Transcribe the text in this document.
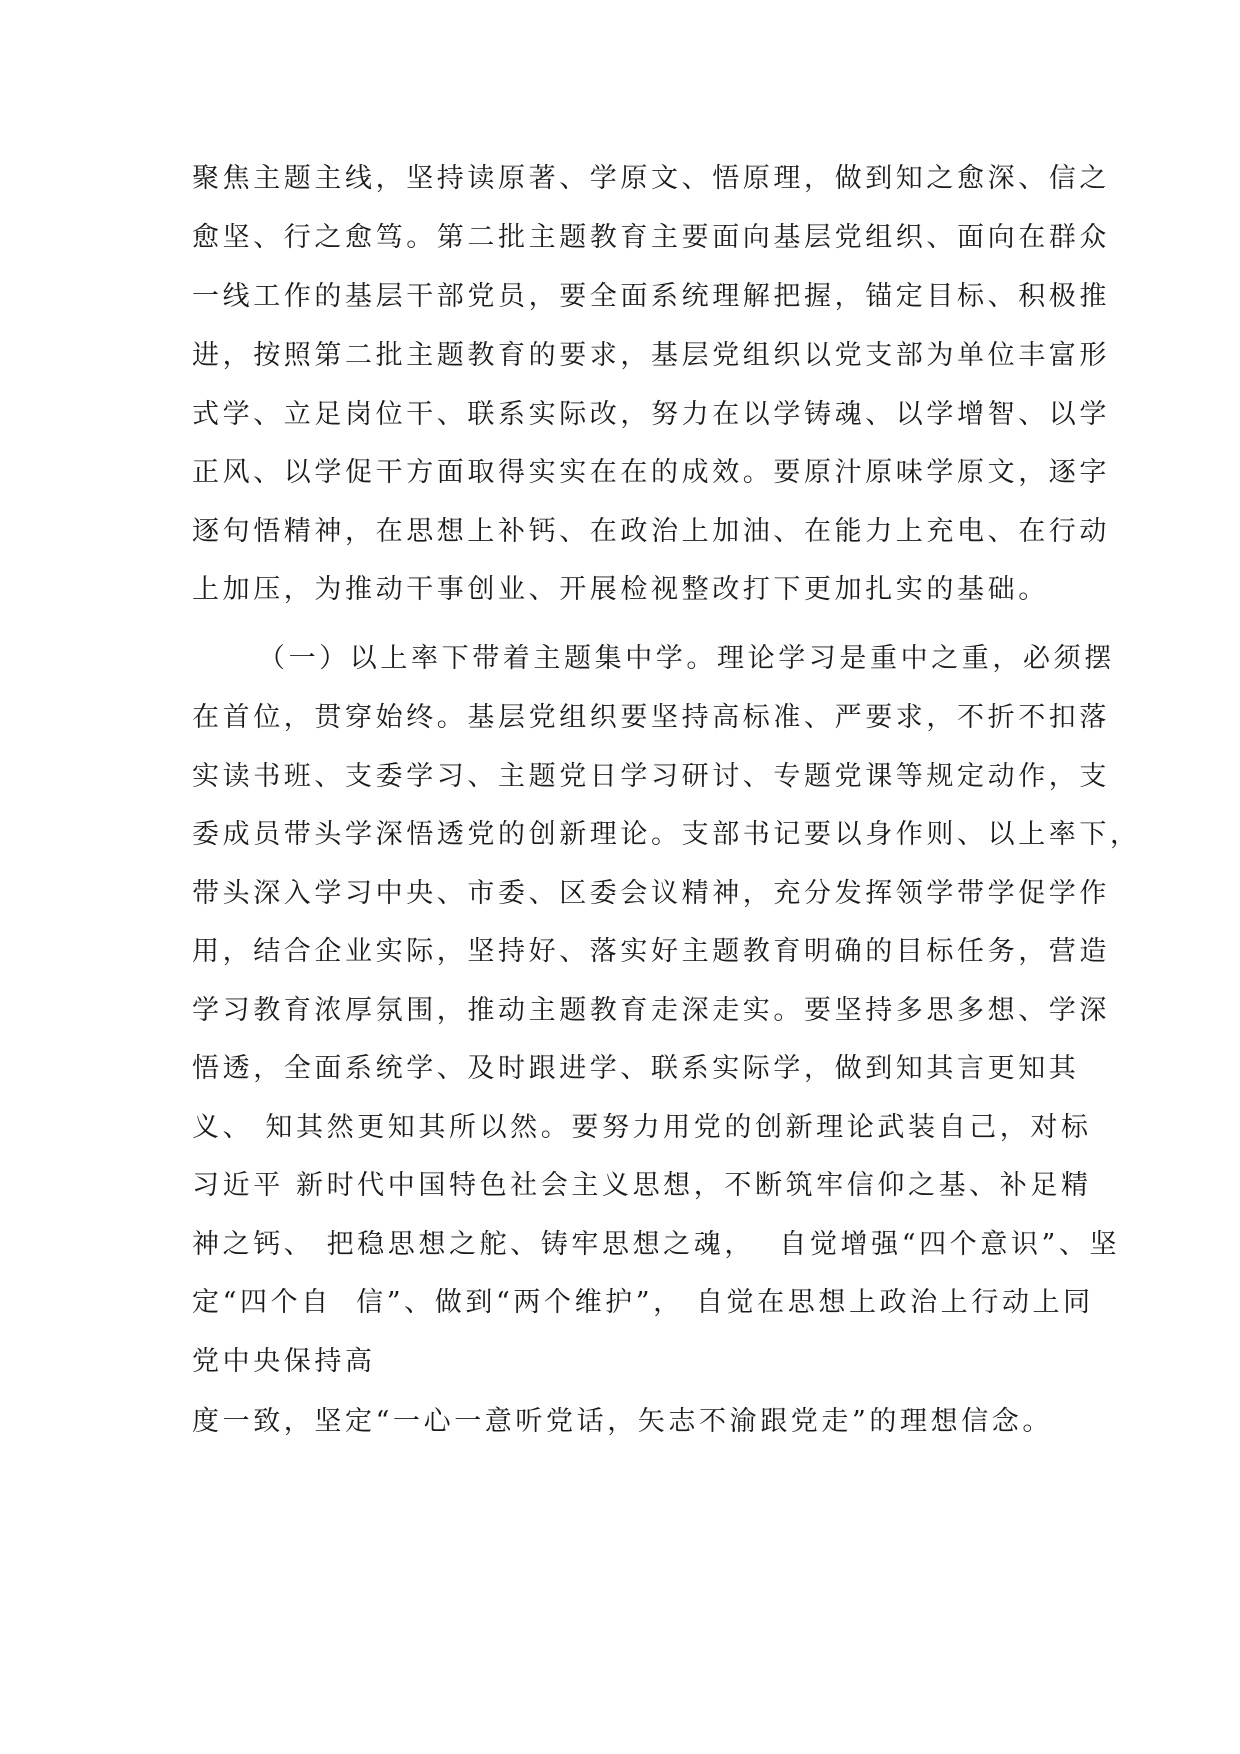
聚焦主题主线，坚持读原著、学原文、悟原理，做到知之愈深、信之
愈坚、行之愈笃。第二批主题教育主要面向基层党组织、面向在群众
一线工作的基层干部党员，要全面系统理解把握，锚定目标、积极推
进，按照第二批主题教育的要求，基层党组织以党支部为单位丰富形
式学、立足岗位干、联系实际改，努力在以学铸魂、以学增智、以学
正风、以学促干方面取得实实在在的成效。要原汁原味学原文，逐字
逐句悟精神，在思想上补钙、在政治上加油、在能力上充电、在行动
上加压，为推动干事创业、开展检视整改打下更加扎实的基础。
（一）以上率下带着主题集中学。理论学习是重中之重，必须摆
在首位，贯穿始终。基层党组织要坚持高标准、严要求，不折不扣落
实读书班、支委学习、主题党日学习研讨、专题党课等规定动作，支
委成员带头学深悟透党的创新理论。支部书记要以身作则、以上率下，
带头深入学习中央、市委、区委会议精神，充分发挥领学带学促学作
用，结合企业实际，坚持好、落实好主题教育明确的目标任务，营造
学习教育浓厚氛围，推动主题教育走深走实。要坚持多思多想、学深
悟透，全面系统学、及时跟进学、联系实际学，做到知其言更知其
义、 知其然更知其所以然。要努力用党的创新理论武装自己，对标
习近平 新时代中国特色社会主义思想，不断筑牢信仰之基、补足精
神之钙、 把稳思想之舵、铸牢思想之魂，  自觉增强“四个意识”、坚
定“四个自  信”、做到“两个维护”， 自觉在思想上政治上行动上同
党中央保持高
度一致，坚定“一心一意听党话，矢志不渝跟党走”的理想信念。
